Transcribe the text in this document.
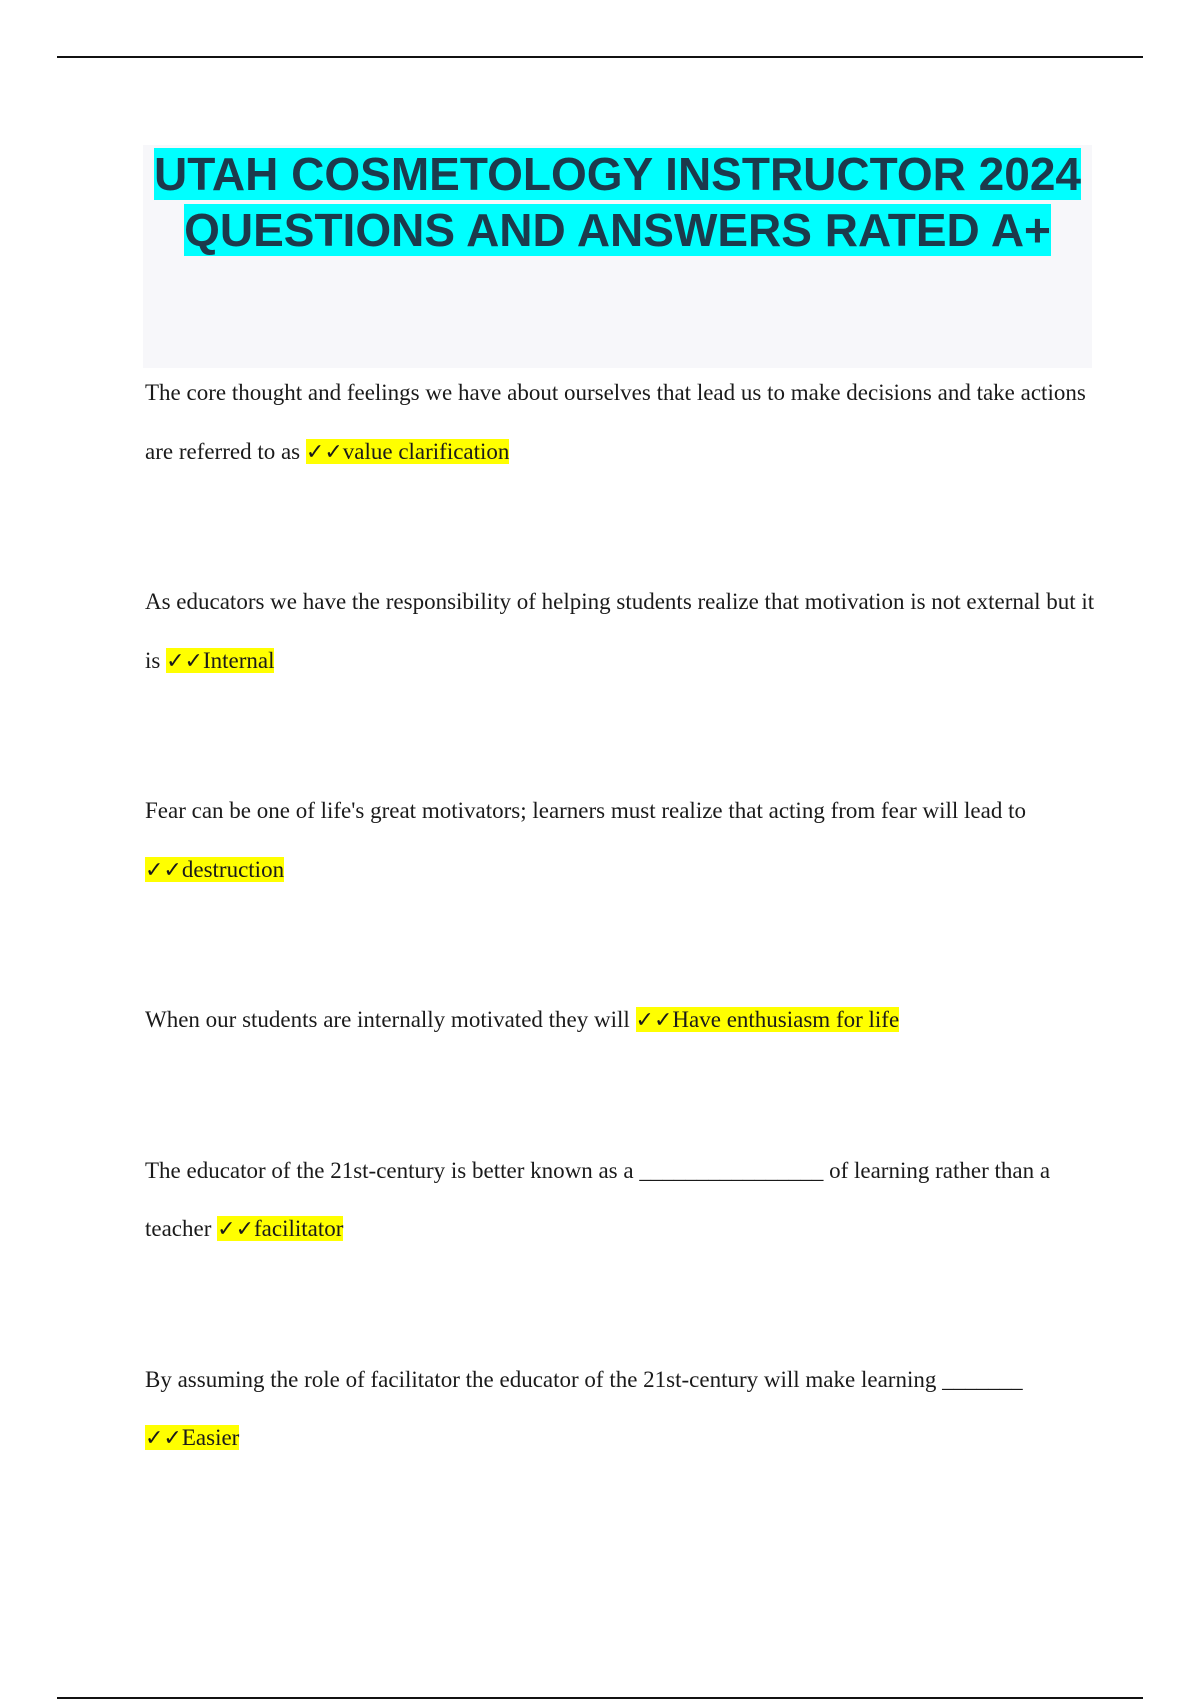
UTAH COSMETOLOGY INSTRUCTOR 2024 QUESTIONS AND ANSWERS RATED A+

The core thought and feelings we have about ourselves that lead us to make decisions and take actions are referred to as ✓✓value clarification

As educators we have the responsibility of helping students realize that motivation is not external but it is ✓✓Internal

Fear can be one of life's great motivators; learners must realize that acting from fear will lead to ✓✓destruction

When our students are internally motivated they will ✓✓Have enthusiasm for life

The educator of the 21st-century is better known as a ________________ of learning rather than a teacher ✓✓facilitator

By assuming the role of facilitator the educator of the 21st-century will make learning _______ ✓✓Easier
